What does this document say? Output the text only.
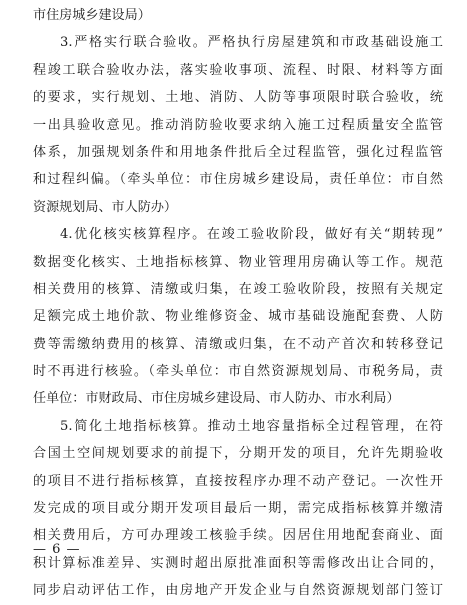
市住房城乡建设局）
3.严格实行联合验收。严格执行房屋建筑和市政基础设施工
程竣工联合验收办法，落实验收事项、流程、时限、材料等方面
的要求，实行规划、土地、消防、人防等事项限时联合验收，统
一出具验收意见。推动消防验收要求纳入施工过程质量安全监管
体系，加强规划条件和用地条件批后全过程监管，强化过程监管
和过程纠偏。（牵头单位：市住房城乡建设局，责任单位：市自然
资源规划局、市人防办）
4.优化核实核算程序。在竣工验收阶段，做好有关“期转现”
数据变化核实、土地指标核算、物业管理用房确认等工作。规范
相关费用的核算、清缴或归集，在竣工验收阶段，按照有关规定
足额完成土地价款、物业维修资金、城市基础设施配套费、人防
费等需缴纳费用的核算、清缴或归集，在不动产首次和转移登记
时不再进行核验。（牵头单位：市自然资源规划局、市税务局，责
任单位：市财政局、市住房城乡建设局、市人防办、市水利局）
5.简化土地指标核算。推动土地容量指标全过程管理，在符
合国土空间规划要求的前提下，分期开发的项目，允许先期验收
的项目不进行指标核算，直接按程序办理不动产登记。一次性开
发完成的项目或分期开发项目最后一期，需完成指标核算并缴清
相关费用后，方可办理竣工核验手续。因居住用地配套商业、面
积计算标准差异、实测时超出原批准面积等需修改出让合同的，
同步启动评估工作，由房地产开发企业与自然资源规划部门签订
— 6 —
